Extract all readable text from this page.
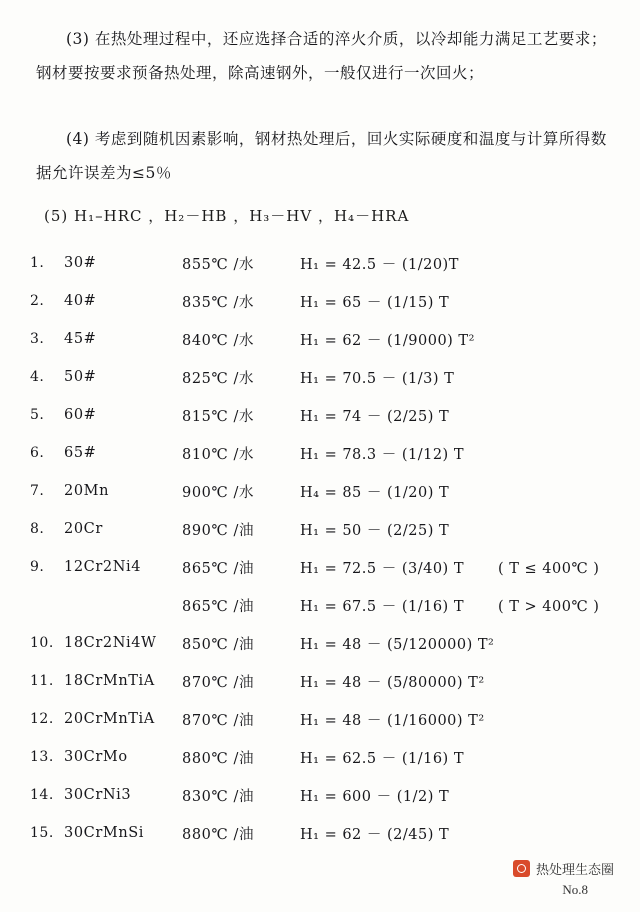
(3) 在热处理过程中，还应选择合适的淬火介质，以冷却能力满足工艺要求；钢材要按要求预备热处理，除高速钢外，一般仅进行一次回火；
(4) 考虑到随机因素影响，钢材热处理后，回火实际硬度和温度与计算所得数据允许误差为≤5％
(5) H₁–HRC ，H₂－HB ，H₃－HV ，H₄－HRA
1.	30#	855℃ /水	H₁ = 42.5 － (1/20)T
2.	40#	835℃ /水	H₁ = 65 － (1/15) T
3.	45#	840℃ /水	H₁ = 62 － (1/9000) T²
4.	50#	825℃ /水	H₁ = 70.5 － (1/3) T
5.	60#	815℃ /水	H₁ = 74 － (2/25) T
6.	65#	810℃ /水	H₁ = 78.3 － (1/12) T
7.	20Mn	900℃ /水	H₄ = 85 － (1/20) T
8.	20Cr	890℃ /油	H₁ = 50 － (2/25) T
9.	12Cr2Ni4	865℃ /油	H₁ = 72.5 － (3/40) T ( T ≤ 400℃ )
		865℃ /油	H₁ = 67.5 － (1/16) T ( T > 400℃ )
10.	18Cr2Ni4W	850℃ /油	H₁ = 48 － (5/120000) T²
11.	18CrMnTiA	870℃ /油	H₁ = 48 － (5/80000) T²
12.	20CrMnTiA	870℃ /油	H₁ = 48 － (1/16000) T²
13.	30CrMo	880℃ /油	H₁ = 62.5 － (1/16) T
14.	30CrNi3	830℃ /油	H₁ = 600 － (1/2) T
15.	30CrMnSi	880℃ /油	H₁ = 62 － (2/45) T
热处理生态圈
No.8
